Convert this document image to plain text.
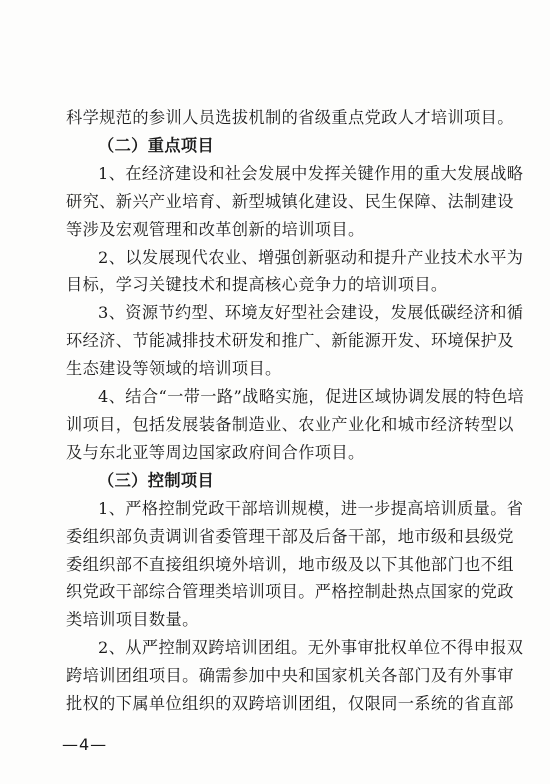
科学规范的参训人员选拔机制的省级重点党政人才培训项目。
（二）重点项目
1、在经济建设和社会发展中发挥关键作用的重大发展战略
研究、新兴产业培育、新型城镇化建设、民生保障、法制建设
等涉及宏观管理和改革创新的培训项目。
2、以发展现代农业、增强创新驱动和提升产业技术水平为
目标，学习关键技术和提高核心竞争力的培训项目。
3、资源节约型、环境友好型社会建设，发展低碳经济和循
环经济、节能减排技术研发和推广、新能源开发、环境保护及
生态建设等领域的培训项目。
4、结合“一带一路”战略实施，促进区域协调发展的特色培
训项目，包括发展装备制造业、农业产业化和城市经济转型以
及与东北亚等周边国家政府间合作项目。
（三）控制项目
1、严格控制党政干部培训规模，进一步提高培训质量。省
委组织部负责调训省委管理干部及后备干部，地市级和县级党
委组织部不直接组织境外培训，地市级及以下其他部门也不组
织党政干部综合管理类培训项目。严格控制赴热点国家的党政
类培训项目数量。
2、从严控制双跨培训团组。无外事审批权单位不得申报双
跨培训团组项目。确需参加中央和国家机关各部门及有外事审
批权的下属单位组织的双跨培训团组，仅限同一系统的省直部
—4—
